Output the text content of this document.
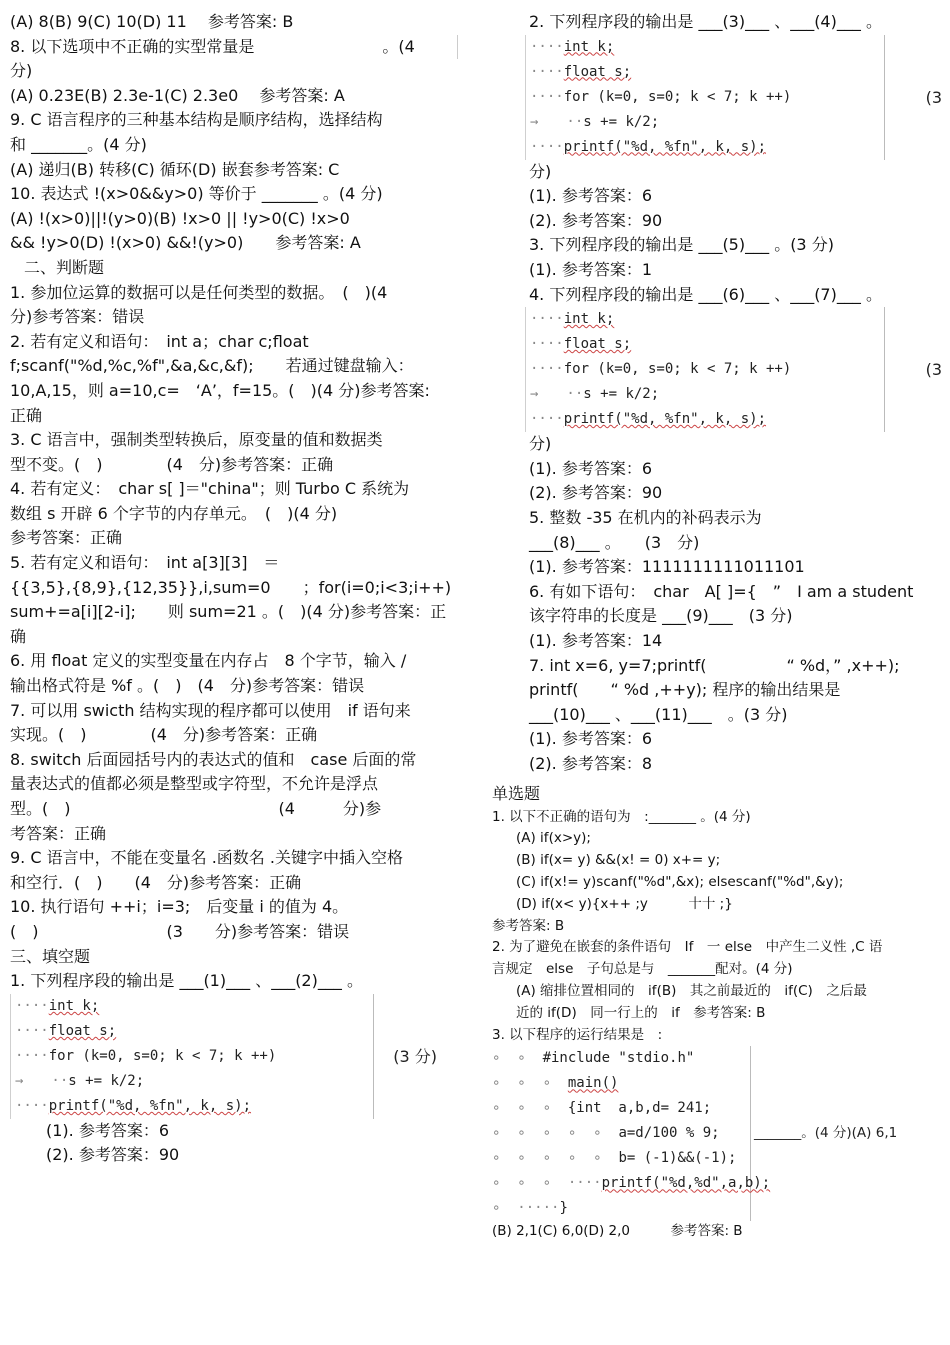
(A) 8(B) 9(C) 10(D) 11 　参考答案: B
8. 以下选项中不正确的实型常量是　　　　　　　　。(4
分)
(A) 0.23E(B) 2.3e-1(C) 2.3e0 　参考答案: A
9. C 语言程序的三种基本结构是顺序结构，选择结构
和 _______。(4 分)
(A) 递归(B) 转移(C) 循环(D) 嵌套参考答案: C
10. 表达式 !(x>0&&y>0) 等价于 _______ 。(4 分)
(A) !(x>0)||!(y>0)(B) !x>0 || !y>0(C) !x>0
&& !y>0(D) !(x>0) &&!(y>0)　　参考答案: A
二、判断题
1. 参加位运算的数据可以是任何类型的数据。　(　)(4
分)参考答案：错误
2. 若有定义和语句：　int a；char c;float
f;scanf("%d,%c,%f",&a,&c,&f);　　若通过键盘输入：
10,A,15，则 a=10,c=　‘A’，f=15。(　)(4 分)参考答案:
正确
3. C 语言中，强制类型转换后，原变量的值和数据类
型不变。(　)　　　　(4　分)参考答案：正确
4. 若有定义：　char s[ ]＝"china"；则 Turbo C 系统为
数组 s 开辟 6 个字节的内存单元。　(　)(4 分)
参考答案：正确
5. 若有定义和语句：　int a[3][3]　＝
{{3,5},{8,9},{12,35}},i,sum=0　　；for(i=0;i<3;i++)
sum+=a[i][2-i];　　则 sum=21 。(　)(4 分)参考答案：正
确
6. 用 float 定义的实型变量在内存占　8 个字节，输入 /
输出格式符是 %f 。(　)　(4　分)参考答案：错误
7. 可以用 swicth 结构实现的程序都可以使用　if 语句来
实现。(　)　　　　(4　分)参考答案：正确
8. switch 后面园括号内的表达式的值和　case 后面的常
量表达式的值都必须是整型或字符型，不允许是浮点
型。(　)　　　　　　　　　　　　　(4　　　分)参
考答案：正确
9. C 语言中，不能在变量名 .函数名 .关键字中插入空格
和空行．(　)　　(4　分)参考答案：正确
10. 执行语句 ++i；i=3;　后变量 i 的值为 4。
(　)　　　　　　　　(3　　分)参考答案：错误
三、填空题
1. 下列程序段的输出是 ___(1)___ 、___(2)___ 。
····int k;
····float s;
····for (k=0, s=0; k < 7; k ++)
→　　··s += k/2;
····printf("%d, %fn", k, s);
(3 分)
(1). 参考答案：6
(2). 参考答案：90
2. 下列程序段的输出是 ___(3)___ 、___(4)___ 。
····int k;
····float s;
····for (k=0, s=0; k < 7; k ++)
→　　··s += k/2;
····printf("%d, %fn", k, s);
(3
分)
(1). 参考答案：6
(2). 参考答案：90
3. 下列程序段的输出是 ___(5)___ 。(3 分)
(1). 参考答案：1
4. 下列程序段的输出是 ___(6)___ 、___(7)___ 。
····int k;
····float s;
····for (k=0, s=0; k < 7; k ++)
→　　··s += k/2;
····printf("%d, %fn", k, s);
(3
分)
(1). 参考答案：6
(2). 参考答案：90
5. 整数 -35 在机内的补码表示为
___(8)___ 。　　(3　分)
(1). 参考答案：1111111111011101
6. 有如下语句：　char　A[ ]={　”　I am a student
该字符串的长度是 ___(9)___　(3 分)
(1). 参考答案：14
7. int x=6, y=7;printf(　　　　　“ %d，” ,x++);
printf(　　“ %d ,++y); 程序的输出结果是
___(10)___ 、___(11)___　。(3 分)
(1). 参考答案：6
(2). 参考答案：8
单选题
1. 以下不正确的语句为　:_______ 。(4 分)
(A) if(x>y);
(B) if(x= y) &&(x! = 0) x+= y;
(C) if(x!= y)scanf("%d",&x); elsescanf("%d",&y);
(D) if(x< y){x++ ;y　　　十十 ;}
参考答案: B
2. 为了避免在嵌套的条件语句　If　一 else　中产生二义性 ,C 语
言规定　else　子句总是与　_______配对。(4 分)
(A) 缩排位置相同的　if(B)　其之前最近的　if(C)　之后最
近的 if(D)　同一行上的　if　参考答案: B
3. 以下程序的运行结果是　:
∘  ∘  #include "stdio.h"
∘  ∘  ∘  main()
∘  ∘  ∘  {int  a,b,d= 241;
∘  ∘  ∘  ∘  ∘  a=d/100 % 9;
∘  ∘  ∘  ∘  ∘  b= (-1)&&(-1);
∘  ∘  ∘  ····printf("%d,%d",a,b);
∘  ·····}
_______。(4 分)(A) 6,1
(B) 2,1(C) 6,0(D) 2,0　　　参考答案: B
